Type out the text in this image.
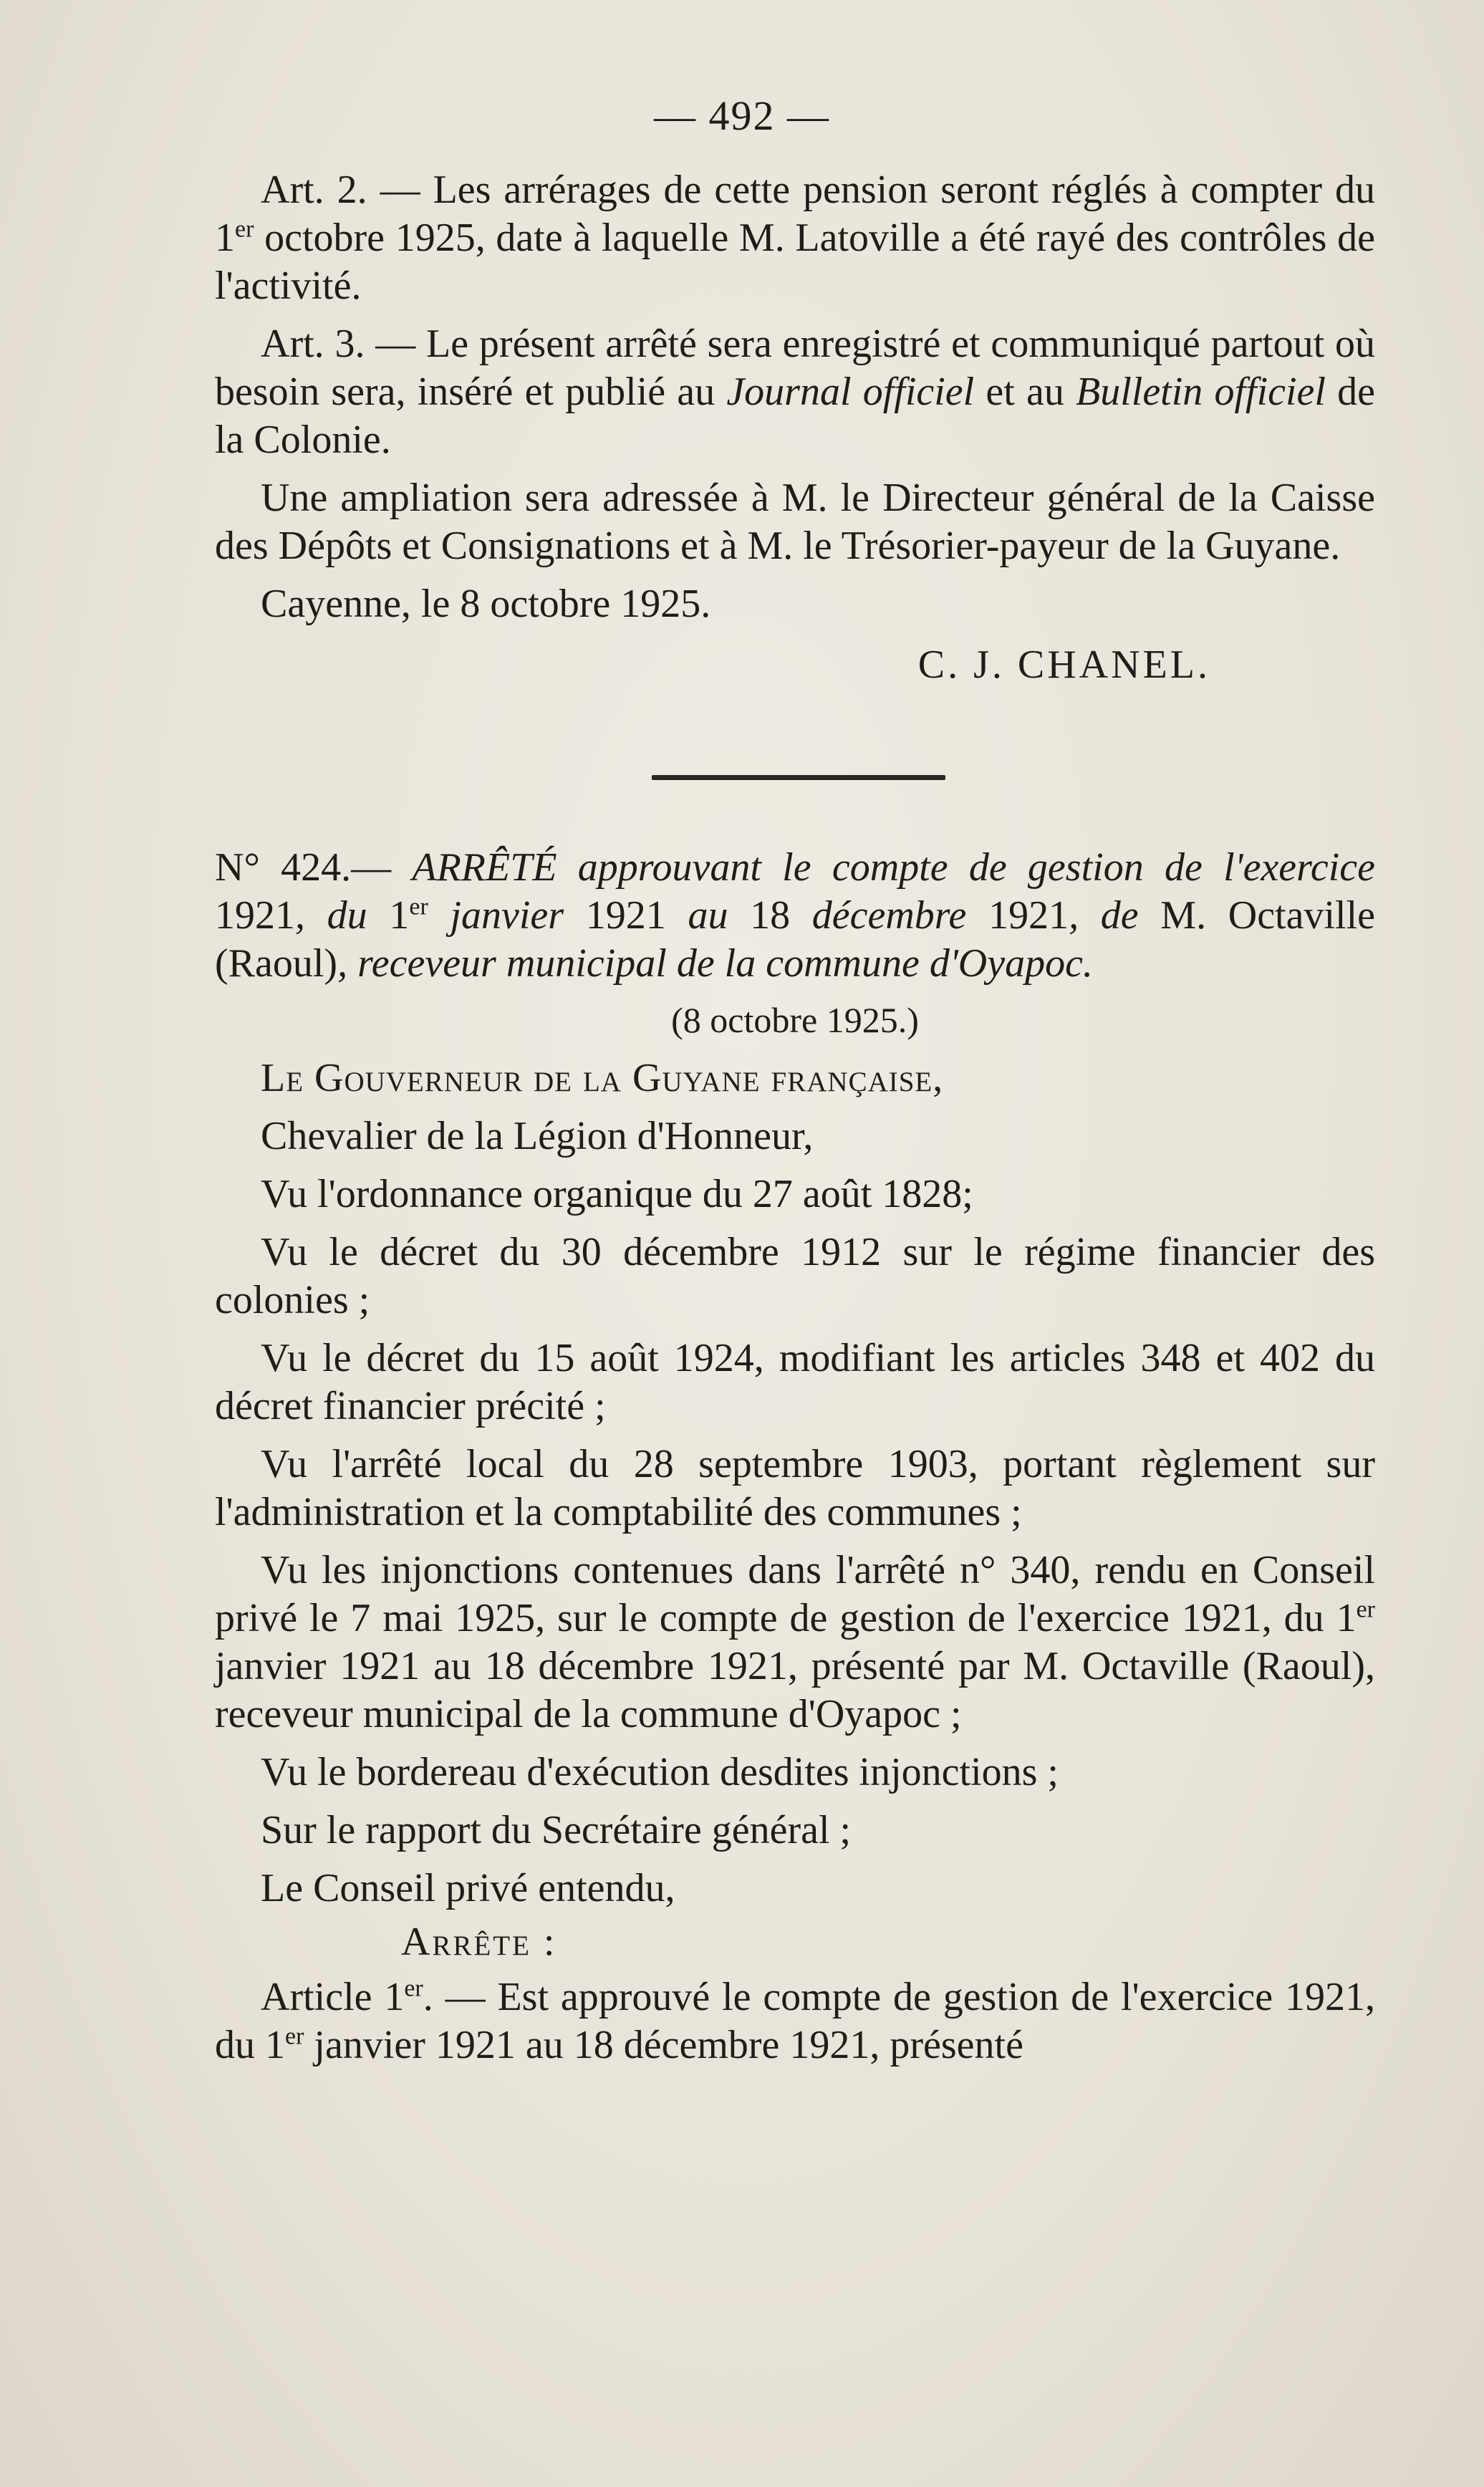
— 492 —

Art. 2. — Les arrérages de cette pension seront réglés à compter du 1er octobre 1925, date à laquelle M. Latoville a été rayé des contrôles de l'activité.

Art. 3. — Le présent arrêté sera enregistré et communiqué partout où besoin sera, inséré et publié au Journal officiel et au Bulletin officiel de la Colonie.

Une ampliation sera adressée à M. le Directeur général de la Caisse des Dépôts et Consignations et à M. le Trésorier-payeur de la Guyane.

Cayenne, le 8 octobre 1925.

C. J. CHANEL.

N° 424.— ARRÊTÉ approuvant le compte de gestion de l'exercice 1921, du 1er janvier 1921 au 18 décembre 1921, de M. Octaville (Raoul), receveur municipal de la commune d'Oyapoc.

(8 octobre 1925.)

Le Gouverneur de la Guyane française,

Chevalier de la Légion d'Honneur,

Vu l'ordonnance organique du 27 août 1828;

Vu le décret du 30 décembre 1912 sur le régime financier des colonies ;

Vu le décret du 15 août 1924, modifiant les articles 348 et 402 du décret financier précité ;

Vu l'arrêté local du 28 septembre 1903, portant règlement sur l'administration et la comptabilité des communes ;

Vu les injonctions contenues dans l'arrêté n° 340, rendu en Conseil privé le 7 mai 1925, sur le compte de gestion de l'exercice 1921, du 1er janvier 1921 au 18 décembre 1921, présenté par M. Octaville (Raoul), receveur municipal de la commune d'Oyapoc ;

Vu le bordereau d'exécution desdites injonctions ;

Sur le rapport du Secrétaire général ;

Le Conseil privé entendu,

Arrête :

Article 1er. — Est approuvé le compte de gestion de l'exercice 1921, du 1er janvier 1921 au 18 décembre 1921, présenté
